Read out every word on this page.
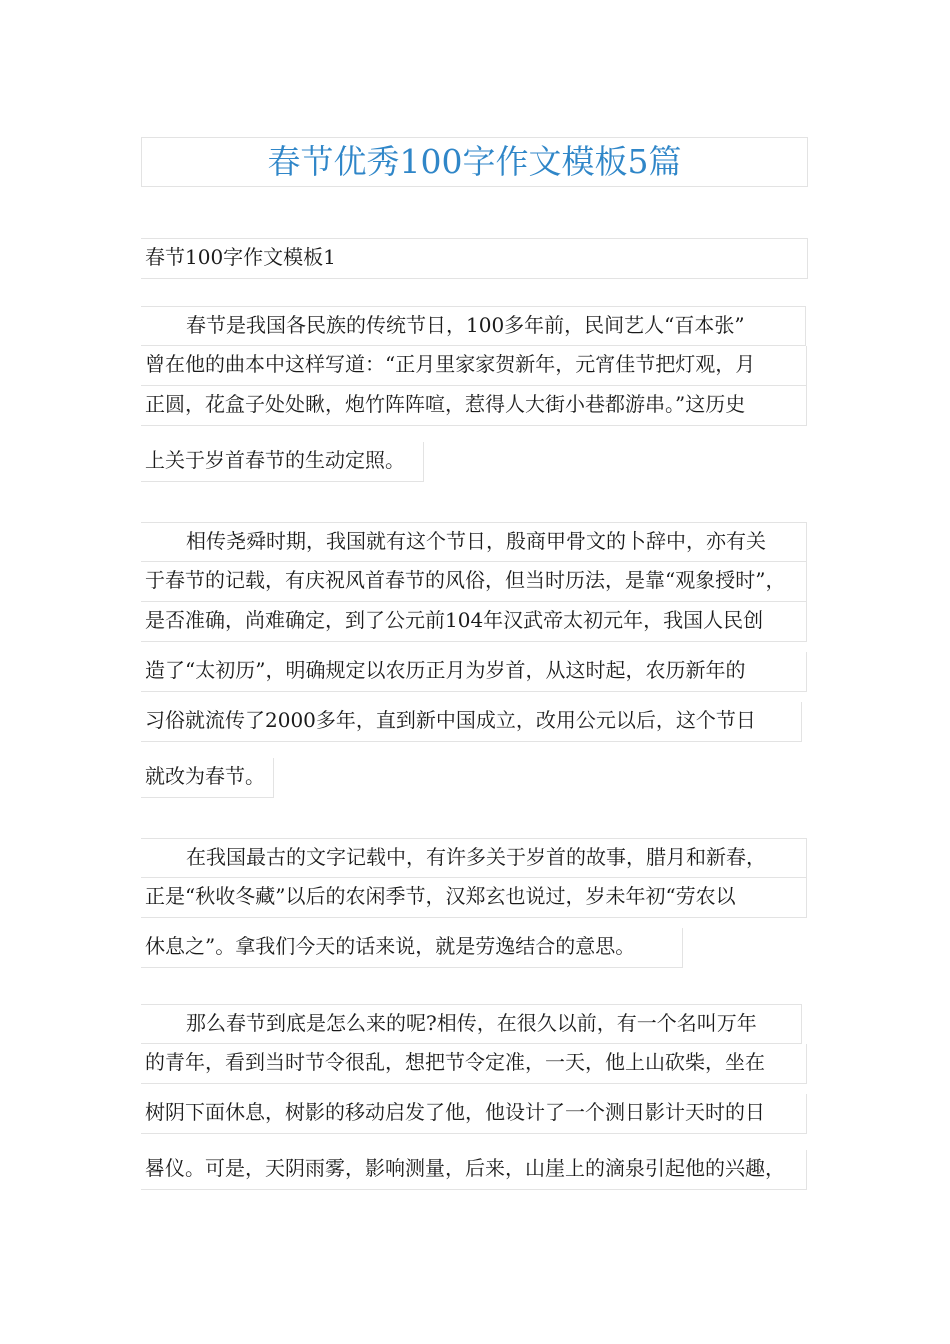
春节优秀100字作文模板5篇
春节100字作文模板1
春节是我国各民族的传统节日，100多年前，民间艺人“百本张”
曾在他的曲本中这样写道：“正月里家家贺新年，元宵佳节把灯观，月
正圆，花盒子处处瞅，炮竹阵阵喧，惹得人大街小巷都游串。”这历史
上关于岁首春节的生动定照。
相传尧舜时期，我国就有这个节日，殷商甲骨文的卜辞中，亦有关
于春节的记载，有庆祝风首春节的风俗，但当时历法，是靠“观象授时”，
是否准确，尚难确定，到了公元前104年汉武帝太初元年，我国人民创
造了“太初历”，明确规定以农历正月为岁首，从这时起，农历新年的
习俗就流传了2000多年，直到新中国成立，改用公元以后，这个节日
就改为春节。
在我国最古的文字记载中，有许多关于岁首的故事，腊月和新春，
正是“秋收冬藏”以后的农闲季节，汉郑玄也说过，岁未年初“劳农以
休息之”。拿我们今天的话来说，就是劳逸结合的意思。
那么春节到底是怎么来的呢?相传，在很久以前，有一个名叫万年
的青年，看到当时节令很乱，想把节令定准，一天，他上山砍柴，坐在
树阴下面休息，树影的移动启发了他，他设计了一个测日影计天时的日
晷仪。可是，天阴雨雾，影响测量，后来，山崖上的滴泉引起他的兴趣，
